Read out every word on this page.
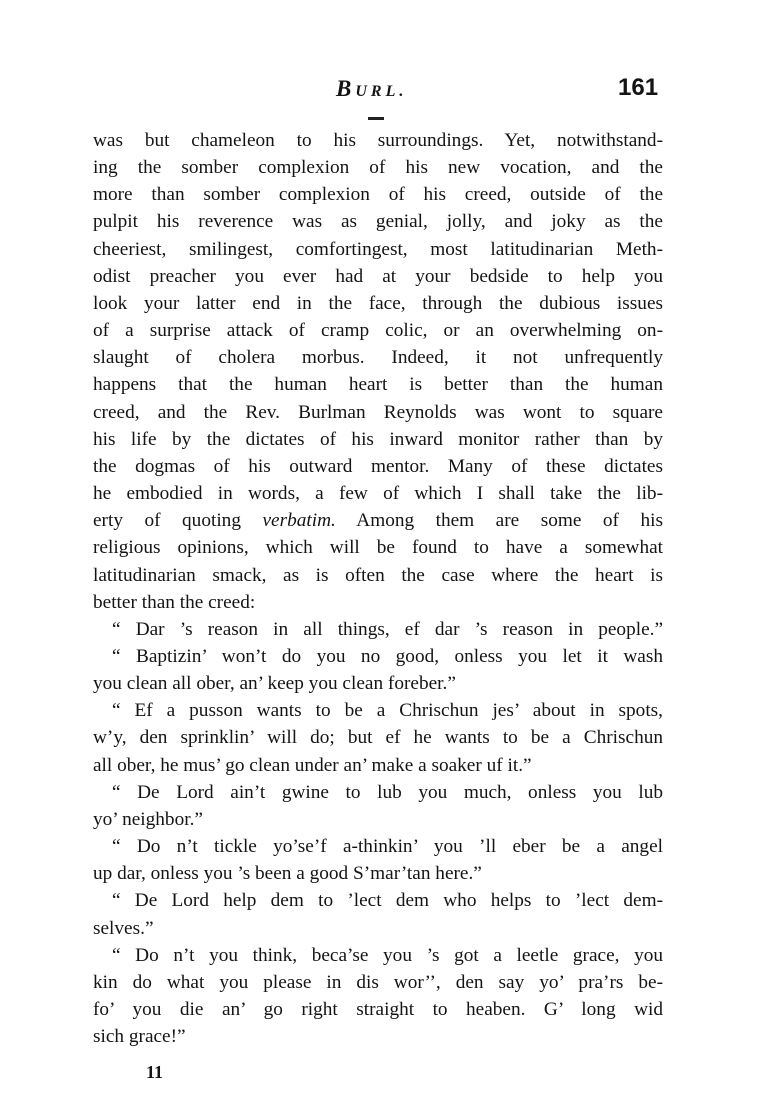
BURL.	161
was but chameleon to his surroundings. Yet, notwithstand-
ing the somber complexion of his new vocation, and the
more than somber complexion of his creed, outside of the
pulpit his reverence was as genial, jolly, and joky as the
cheeriest, smilingest, comfortingest, most latitudinarian Meth-
odist preacher you ever had at your bedside to help you
look your latter end in the face, through the dubious issues
of a surprise attack of cramp colic, or an overwhelming on-
slaught of cholera morbus. Indeed, it not unfrequently
happens that the human heart is better than the human
creed, and the Rev. Burlman Reynolds was wont to square
his life by the dictates of his inward monitor rather than by
the dogmas of his outward mentor. Many of these dictates
he embodied in words, a few of which I shall take the lib-
erty of quoting verbatim. Among them are some of his
religious opinions, which will be found to have a somewhat
latitudinarian smack, as is often the case where the heart is
better than the creed:
“ Dar ’s reason in all things, ef dar ’s reason in people.”
“ Baptizin’ won’t do you no good, onless you let it wash
you clean all ober, an’ keep you clean foreber.”
“ Ef a pusson wants to be a Chrischun jes’ about in spots,
w’y, den sprinklin’ will do; but ef he wants to be a Chrischun
all ober, he mus’ go clean under an’ make a soaker uf it.”
“ De Lord ain’t gwine to lub you much, onless you lub
yo’ neighbor.”
“ Do n’t tickle yo’se’f a-thinkin’ you ’ll eber be a angel
up dar, onless you ’s been a good S’mar’tan here.”
“ De Lord help dem to ’lect dem who helps to ’lect dem-
selves.”
“ Do n’t you think, beca’se you ’s got a leetle grace, you
kin do what you please in dis wor’’, den say yo’ pra’rs be-
fo’ you die an’ go right straight to heaben. G’ long wid
sich grace!”
11
